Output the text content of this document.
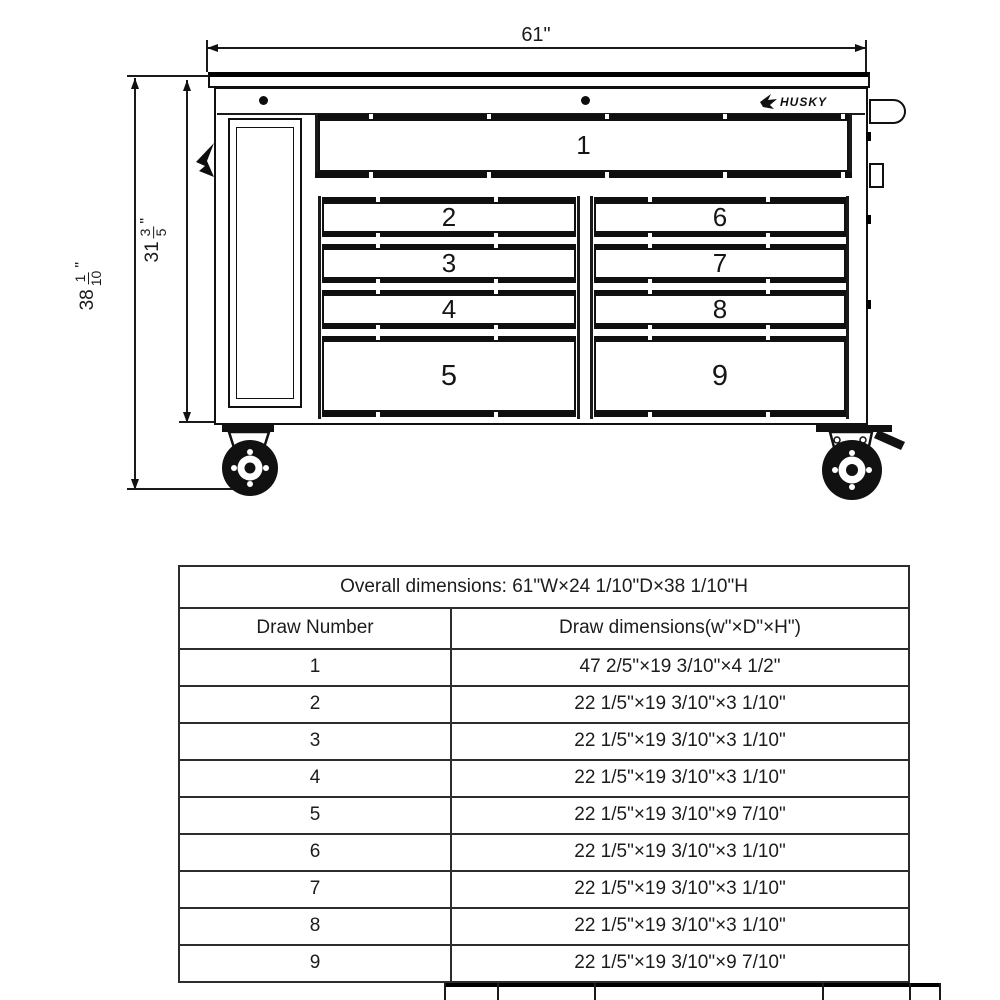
61"
38
1 10
"
31
3 5
"
HUSKY
1
2
3
4
5
6
7
8
9
Overall dimensions: 61"W×24 1/10"D×38 1/10"H	
Draw Number	Draw dimensions(w"×D"×H")
1	47 2/5"×19 3/10"×4 1/2"
2	22 1/5"×19 3/10"×3 1/10"
3	22 1/5"×19 3/10"×3 1/10"
4	22 1/5"×19 3/10"×3 1/10"
5	22 1/5"×19 3/10"×9 7/10"
6	22 1/5"×19 3/10"×3 1/10"
7	22 1/5"×19 3/10"×3 1/10"
8	22 1/5"×19 3/10"×3 1/10"
9	22 1/5"×19 3/10"×9 7/10"
